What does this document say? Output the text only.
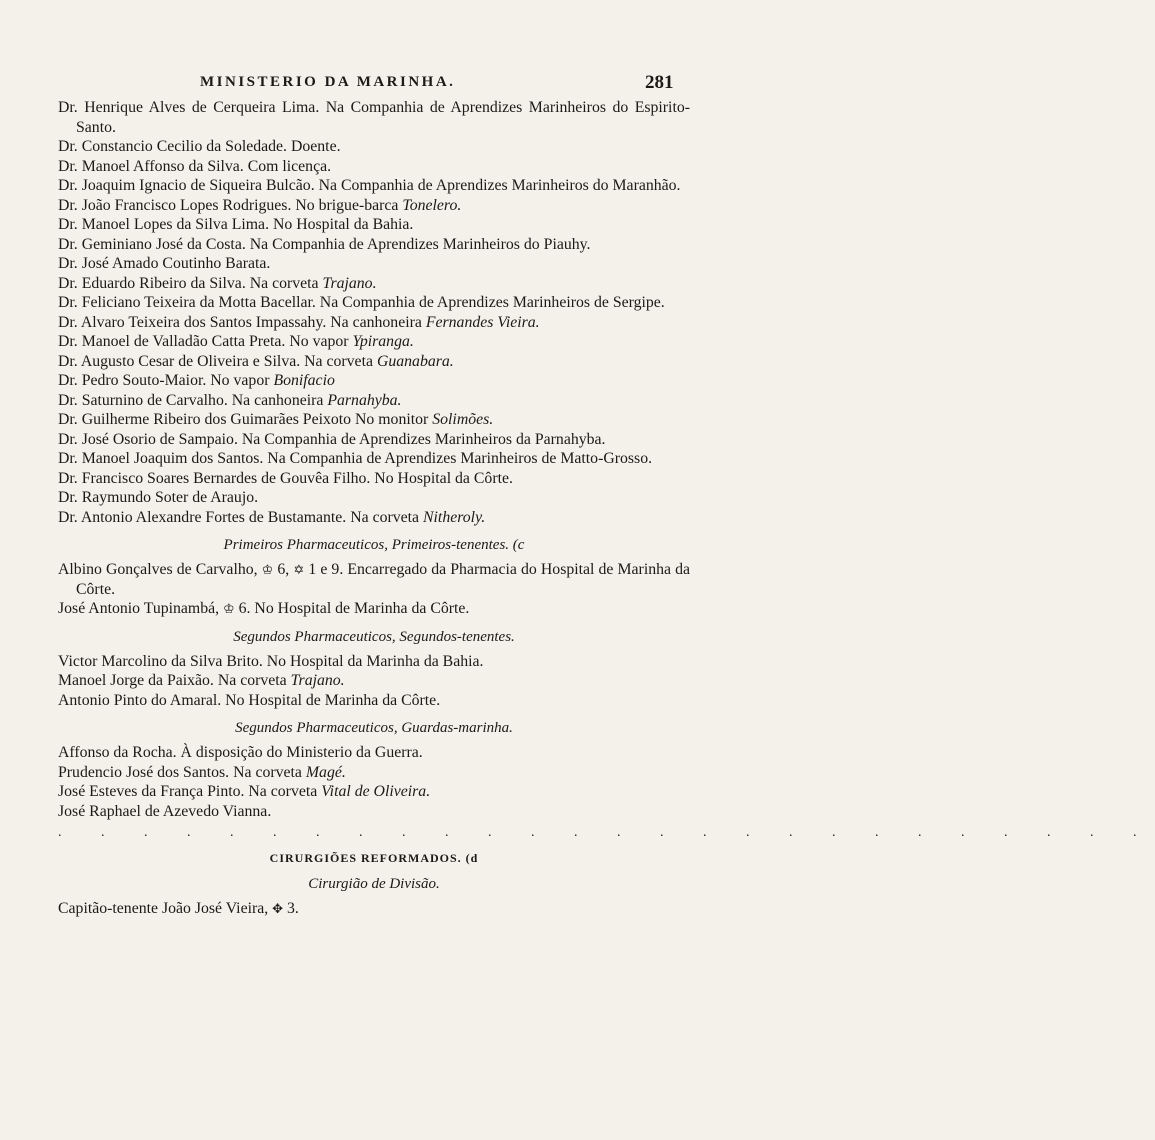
MINISTERIO DA MARINHA.	281

Dr. Henrique Alves de Cerqueira Lima. Na Companhia de Aprendizes Marinheiros do Espirito-Santo.

Dr. Constancio Cecilio da Soledade. Doente.

Dr. Manoel Affonso da Silva. Com licença.

Dr. Joaquim Ignacio de Siqueira Bulcão. Na Companhia de Aprendizes Marinheiros do Maranhão.

Dr. João Francisco Lopes Rodrigues. No brigue-barca Tonelero.

Dr. Manoel Lopes da Silva Lima. No Hospital da Bahia.

Dr. Geminiano José da Costa. Na Companhia de Aprendizes Marinheiros do Piauhy.

Dr. José Amado Coutinho Barata.

Dr. Eduardo Ribeiro da Silva. Na corveta Trajano.

Dr. Feliciano Teixeira da Motta Bacellar. Na Companhia de Aprendizes Marinheiros de Sergipe.

Dr. Alvaro Teixeira dos Santos Impassahy. Na canhoneira Fernandes Vieira.

Dr. Manoel de Valladão Catta Preta. No vapor Ypiranga.

Dr. Augusto Cesar de Oliveira e Silva. Na corveta Guanabara.

Dr. Pedro Souto-Maior. No vapor Bonifacio

Dr. Saturnino de Carvalho. Na canhoneira Parnahyba.

Dr. Guilherme Ribeiro dos Guimarães Peixoto No monitor Solimões.

Dr. José Osorio de Sampaio. Na Companhia de Aprendizes Marinheiros da Parnahyba.

Dr. Manoel Joaquim dos Santos. Na Companhia de Aprendizes Marinheiros de Matto-Grosso.

Dr. Francisco Soares Bernardes de Gouvêa Filho. No Hospital da Côrte.

Dr. Raymundo Soter de Araujo.

Dr. Antonio Alexandre Fortes de Bustamante. Na corveta Nitheroly.

Primeiros Pharmaceuticos, Primeiros-tenentes. (c

Albino Gonçalves de Carvalho, ♔ 6, ✡ 1 e 9. Encarregado da Pharmacia do Hospital de Marinha da Côrte.

José Antonio Tupinambá, ♔ 6. No Hospital de Marinha da Côrte.

Segundos Pharmaceuticos, Segundos-tenentes.

Victor Marcolino da Silva Brito. No Hospital da Marinha da Bahia.

Manoel Jorge da Paixão. Na corveta Trajano.

Antonio Pinto do Amaral. No Hospital de Marinha da Côrte.

Segundos Pharmaceuticos, Guardas-marinha.

Affonso da Rocha. À disposição do Ministerio da Guerra.

Prudencio José dos Santos. Na corveta Magé.

José Esteves da França Pinto. Na corveta Vital de Oliveira.

José Raphael de Azevedo Vianna.

. . . . . . . . . . . . . . . . . . . . . . . . . .
CIRURGIÕES REFORMADOS. (d
Cirurgião de Divisão.

Capitão-tenente João José Vieira, ✥ 3.
